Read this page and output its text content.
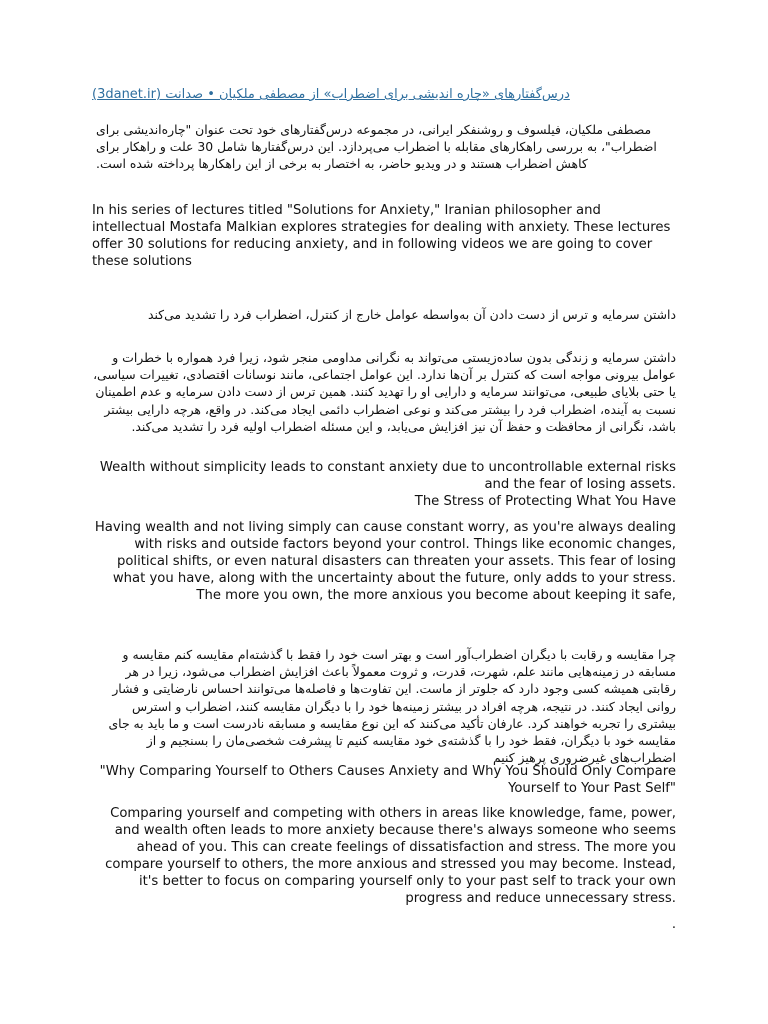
درس‌گفتارهای «چاره اندیشی برای اضطراب» از مصطفی ملکیان • صدانت (3danet.ir)

مصطفی ملکیان، فیلسوف و روشنفکر ایرانی، در مجموعه درس‌گفتارهای خود تحت عنوان "چاره‌اندیشی برای اضطراب"، به بررسی راهکارهای مقابله با اضطراب می‌پردازد. این درس‌گفتارها شامل 30 علت و راهکار برای کاهش اضطراب هستند و در ویدیو حاضر، به اختصار به برخی از این راهکارها پرداخته شده است.

In his series of lectures titled "Solutions for Anxiety," Iranian philosopher and intellectual Mostafa Malkian explores strategies for dealing with anxiety. These lectures offer 30 solutions for reducing anxiety, and in following videos we are going to cover these solutions

داشتن سرمایه و ترس از دست دادن آن به‌واسطه عوامل خارج از کنترل، اضطراب فرد را تشدید می‌کند

داشتن سرمایه و زندگی بدون ساده‌زیستی می‌تواند به نگرانی مداومی منجر شود، زیرا فرد همواره با خطرات و عوامل بیرونی مواجه است که کنترل بر آن‌ها ندارد. این عوامل اجتماعی، مانند نوسانات اقتصادی، تغییرات سیاسی، یا حتی بلایای طبیعی، می‌توانند سرمایه و دارایی او را تهدید کنند. همین ترس از دست دادن سرمایه و عدم اطمینان نسبت به آینده، اضطراب فرد را بیشتر می‌کند و نوعی اضطراب دائمی ایجاد می‌کند. در واقع، هرچه دارایی بیشتر باشد، نگرانی از محافظت و حفظ آن نیز افزایش می‌یابد، و این مسئله اضطراب اولیه فرد را تشدید می‌کند.

Wealth without simplicity leads to constant anxiety due to uncontrollable external risks and the fear of losing assets.
The Stress of Protecting What You Have

Having wealth and not living simply can cause constant worry, as you're always dealing with risks and outside factors beyond your control. Things like economic changes, political shifts, or even natural disasters can threaten your assets. This fear of losing what you have, along with the uncertainty about the future, only adds to your stress. The more you own, the more anxious you become about keeping it safe,

چرا مقایسه و رقابت با دیگران اضطراب‌آور است و بهتر است خود را فقط با گذشته‌ام مقایسه کنم مقایسه و مسابقه در زمینه‌هایی مانند علم، شهرت، قدرت، و ثروت معمولاً باعث افزایش اضطراب می‌شود، زیرا در هر رقابتی همیشه کسی وجود دارد که جلوتر از ماست. این تفاوت‌ها و فاصله‌ها می‌توانند احساس نارضایتی و فشار روانی ایجاد کنند. در نتیجه، هرچه افراد در بیشتر زمینه‌ها خود را با دیگران مقایسه کنند، اضطراب و استرس بیشتری را تجربه خواهند کرد. عارفان تأکید می‌کنند که این نوع مقایسه و مسابقه نادرست است و ما باید به جای مقایسه خود با دیگران، فقط خود را با گذشته‌ی خود مقایسه کنیم تا پیشرفت شخصی‌مان را بسنجیم و از اضطراب‌های غیرضروری پرهیز کنیم

"Why Comparing Yourself to Others Causes Anxiety and Why You Should Only Compare Yourself to Your Past Self"

Comparing yourself and competing with others in areas like knowledge, fame, power, and wealth often leads to more anxiety because there's always someone who seems ahead of you. This can create feelings of dissatisfaction and stress. The more you compare yourself to others, the more anxious and stressed you may become. Instead, it's better to focus on comparing yourself only to your past self to track your own progress and reduce unnecessary stress.

.
